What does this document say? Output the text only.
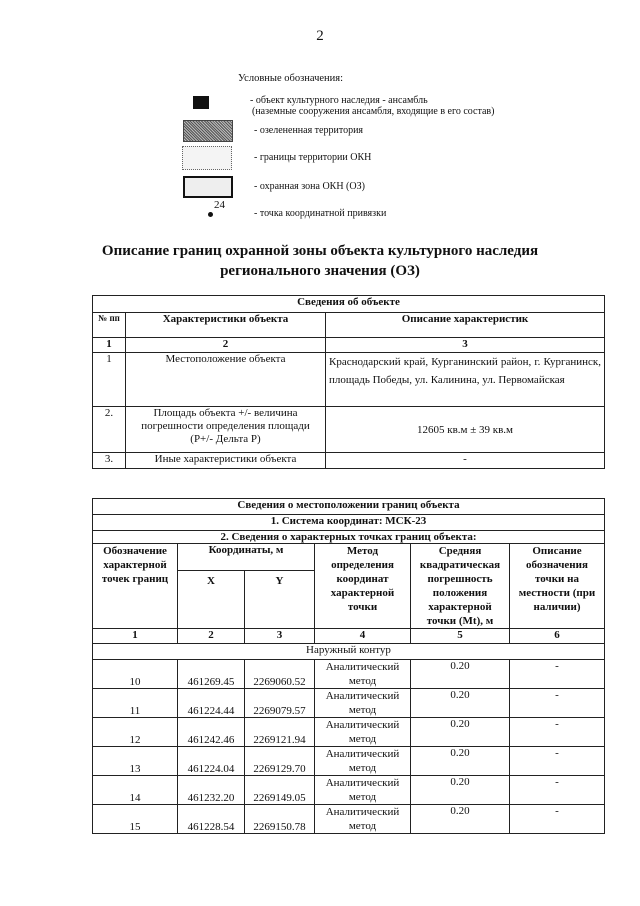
2
Условные обозначения:
- объект культурного наследия - ансамбль
(наземные сооружения ансамбля, входящие в его состав)
- озелененная территория
- границы территории ОКН
- охранная зона ОКН (ОЗ)
24
- точка координатной привязки
Описание границ охранной зоны объекта культурного наследия
регионального значения (ОЗ)
Сведения об объекте		
№ пп	Характеристики объекта	Описание характеристик
1	2	3
1	Местоположение объекта	Краснодарский край, Курганинский район, г. Курганинск, площадь Победы, ул. Калинина, ул. Первомайская
2.	Площадь объекта +/- величина погрешности определения площади (Р+/- Дельта Р)	12605 кв.м ± 39 кв.м
3.	Иные характеристики объекта	-
Сведения о местоположении границ объекта					
1. Система координат: МСК-23					
2. Сведения о характерных точках границ объекта:					
Обозначение характерной точек границ	Координаты, м		Метод определения координат характерной точки	Средняя квадратическая погрешность положения характерной точки (Mt), м	Описание обозначения точки на местности (при наличии)
	X	Y			
1	2	3	4	5	6
Наружный контур					
10	461269.45	2269060.52	Аналитический метод	0.20	-
11	461224.44	2269079.57	Аналитический метод	0.20	-
12	461242.46	2269121.94	Аналитический метод	0.20	-
13	461224.04	2269129.70	Аналитический метод	0.20	-
14	461232.20	2269149.05	Аналитический метод	0.20	-
15	461228.54	2269150.78	Аналитический метод	0.20	-
